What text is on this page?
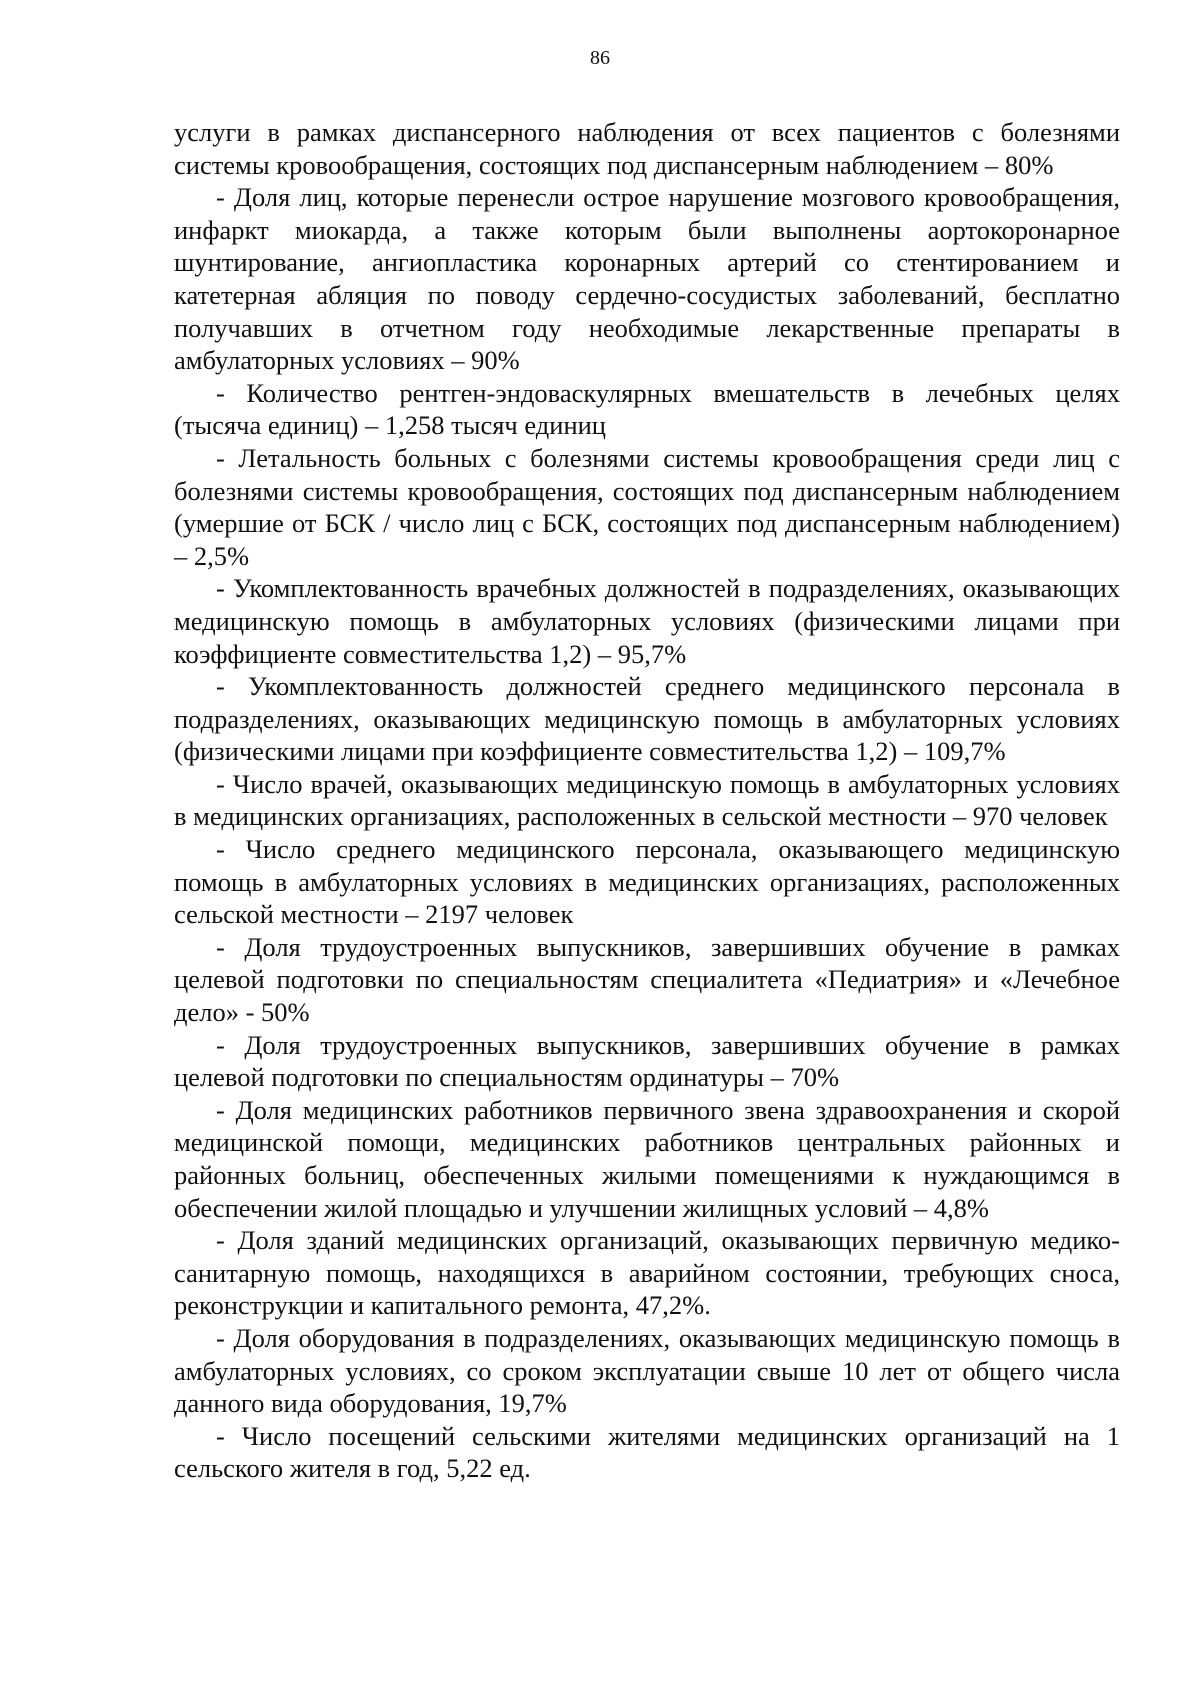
86

услуги в рамках диспансерного наблюдения от всех пациентов с болезнями системы кровообращения, состоящих под диспансерным наблюдением – 80%

- Доля лиц, которые перенесли острое нарушение мозгового кровообращения, инфаркт миокарда, а также которым были выполнены аортокоронарное шунтирование, ангиопластика коронарных артерий со стентированием и катетерная абляция по поводу сердечно-сосудистых заболеваний, бесплатно получавших в отчетном году необходимые лекарственные препараты в амбулаторных условиях – 90%

- Количество рентген-эндоваскулярных вмешательств в лечебных целях (тысяча единиц) – 1,258 тысяч единиц

- Летальность больных с болезнями системы кровообращения среди лиц с болезнями системы кровообращения, состоящих под диспансерным наблюдением (умершие от БСК / число лиц с БСК, состоящих под диспансерным наблюдением) – 2,5%

- Укомплектованность врачебных должностей в подразделениях, оказывающих медицинскую помощь в амбулаторных условиях (физическими лицами при коэффициенте совместительства 1,2) – 95,7%

- Укомплектованность должностей среднего медицинского персонала в подразделениях, оказывающих медицинскую помощь в амбулаторных условиях (физическими лицами при коэффициенте совместительства 1,2) – 109,7%

- Число врачей, оказывающих медицинскую помощь в амбулаторных условиях в медицинских организациях, расположенных в сельской местности – 970 человек

- Число среднего медицинского персонала, оказывающего медицинскую помощь в амбулаторных условиях в медицинских организациях, расположенных сельской местности – 2197 человек

- Доля трудоустроенных выпускников, завершивших обучение в рамках целевой подготовки по специальностям специалитета «Педиатрия» и «Лечебное дело» - 50%

- Доля трудоустроенных выпускников, завершивших обучение в рамках целевой подготовки по специальностям ординатуры – 70%

- Доля медицинских работников первичного звена здравоохранения и скорой медицинской помощи, медицинских работников центральных районных и районных больниц, обеспеченных жилыми помещениями к нуждающимся в обеспечении жилой площадью и улучшении жилищных условий – 4,8%

- Доля зданий медицинских организаций, оказывающих первичную медико-санитарную помощь, находящихся в аварийном состоянии, требующих сноса, реконструкции и капитального ремонта, 47,2%.

- Доля оборудования в подразделениях, оказывающих медицинскую помощь в амбулаторных условиях, со сроком эксплуатации свыше 10 лет от общего числа данного вида оборудования, 19,7%

- Число посещений сельскими жителями медицинских организаций на 1 сельского жителя в год, 5,22 ед.
